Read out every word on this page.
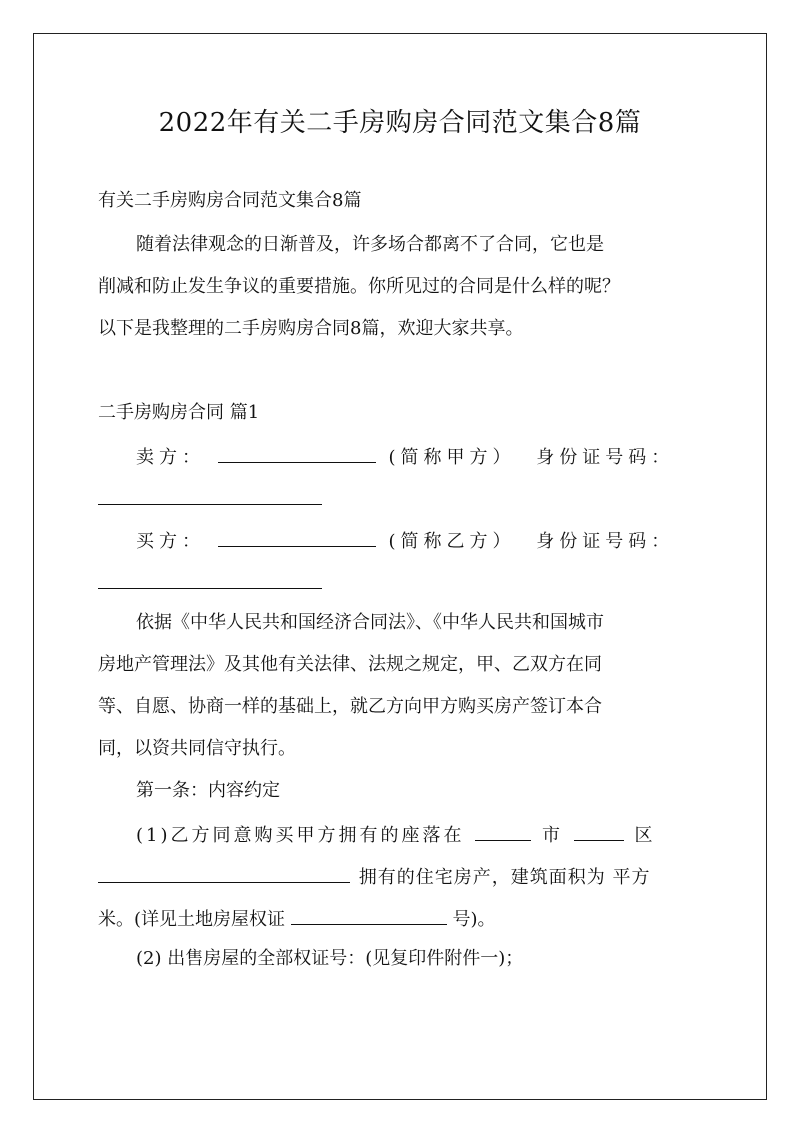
2022年有关二手房购房合同范文集合8篇
有关二手房购房合同范文集合8篇
随着法律观念的日渐普及，许多场合都离不了合同，它也是
削减和防止发生争议的重要措施。你所见过的合同是什么样的呢？
以下是我整理的二手房购房合同8篇，欢迎大家共享。
二手房购房合同 篇1
卖方：	(简称甲方） 身份证号码：
买方：	(简称乙方） 身份证号码：
依据《中华人民共和国经济合同法》、《中华人民共和国城市
房地产管理法》及其他有关法律、法规之规定，甲、乙双方在同
等、自愿、协商一样的基础上，就乙方向甲方购买房产签订本合
同，以资共同信守执行。
第一条：内容约定
(1)乙方同意购买甲方拥有的座落在	市	区
拥有的住宅房产，建筑面积为 平方
米。(详见土地房屋权证	号)。
(2) 出售房屋的全部权证号：(见复印件附件一)；
